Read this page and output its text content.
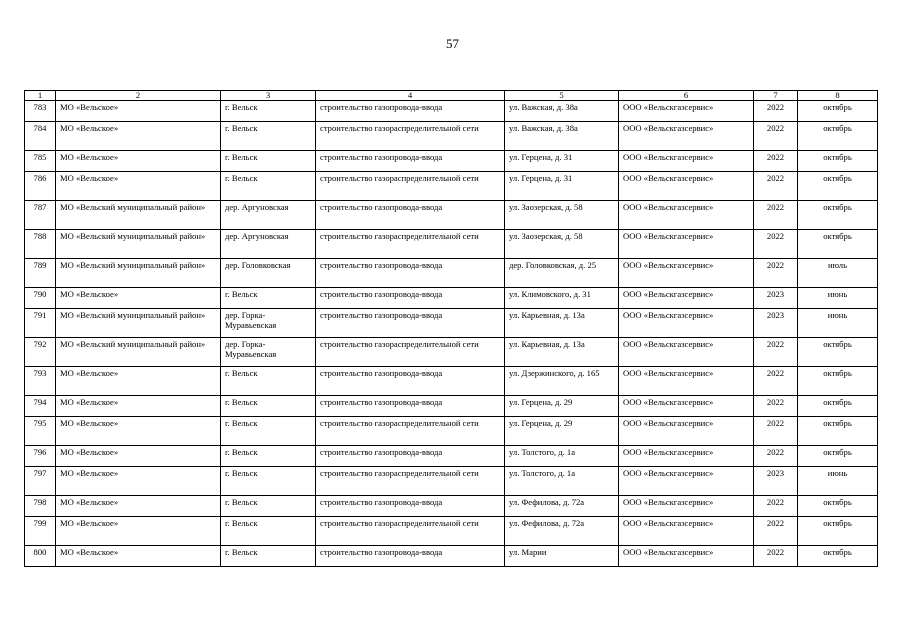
57
1	2	3	4	5	6	7	8
783	МО «Вельское»	г. Вельск	строительство газопровода-ввода	ул. Важская, д. 38а	ООО «Вельскгазсервис»	2022	октябрь
784	МО «Вельское»	г. Вельск	строительство газораспределительной сети	ул. Важская, д. 38а	ООО «Вельскгазсервис»	2022	октябрь
785	МО «Вельское»	г. Вельск	строительство газопровода-ввода	ул. Герцена, д. 31	ООО «Вельскгазсервис»	2022	октябрь
786	МО «Вельское»	г. Вельск	строительство газораспределительной сети	ул. Герцена, д. 31	ООО «Вельскгазсервис»	2022	октябрь
787	МО «Вельский муниципальный район»	дер. Аргуновская	строительство газопровода-ввода	ул. Заозерская, д. 58	ООО «Вельскгазсервис»	2022	октябрь
788	МО «Вельский муниципальный район»	дер. Аргуновская	строительство газораспределительной сети	ул. Заозерская, д. 58	ООО «Вельскгазсервис»	2022	октябрь
789	МО «Вельский муниципальный район»	дер. Головковская	строительство газопровода-ввода	дер. Головковская, д. 25	ООО «Вельскгазсервис»	2022	июль
790	МО «Вельское»	г. Вельск	строительство газопровода-ввода	ул. Климовского, д. 31	ООО «Вельскгазсервис»	2023	июнь
791	МО «Вельский муниципальный район»	дер. Горка-Муравьевская	строительство газопровода-ввода	ул. Карьевная, д. 13а	ООО «Вельскгазсервис»	2023	июнь
792	МО «Вельский муниципальный район»	дер. Горка-Муравьевская	строительство газораспределительной сети	ул. Карьевная, д. 13а	ООО «Вельскгазсервис»	2022	октябрь
793	МО «Вельское»	г. Вельск	строительство газопровода-ввода	ул. Дзержинского, д. 165	ООО «Вельскгазсервис»	2022	октябрь
794	МО «Вельское»	г. Вельск	строительство газопровода-ввода	ул. Герцена, д. 29	ООО «Вельскгазсервис»	2022	октябрь
795	МО «Вельское»	г. Вельск	строительство газораспределительной сети	ул. Герцена, д. 29	ООО «Вельскгазсервис»	2022	октябрь
796	МО «Вельское»	г. Вельск	строительство газопровода-ввода	ул. Толстого, д. 1а	ООО «Вельскгазсервис»	2022	октябрь
797	МО «Вельское»	г. Вельск	строительство газораспределительной сети	ул. Толстого, д. 1а	ООО «Вельскгазсервис»	2023	июнь
798	МО «Вельское»	г. Вельск	строительство газопровода-ввода	ул. Фефилова, д. 72а	ООО «Вельскгазсервис»	2022	октябрь
799	МО «Вельское»	г. Вельск	строительство газораспределительной сети	ул. Фефилова, д. 72а	ООО «Вельскгазсервис»	2022	октябрь
800	МО «Вельское»	г. Вельск	строительство газопровода-ввода	ул. Марии	ООО «Вельскгазсервис»	2022	октябрь
